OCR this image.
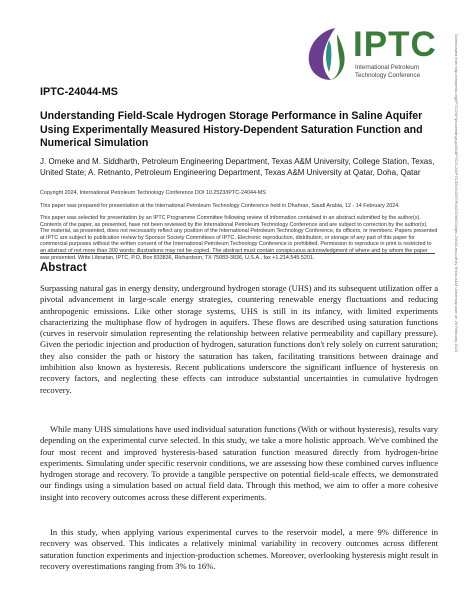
IPTC
International Petroleum Technology Conference
IPTC-24044-MS
Understanding Field-Scale Hydrogen Storage Performance in Saline Aquifer Using Experimentally Measured History-Dependent Saturation Function and Numerical Simulation
J. Omeke and M. Siddharth, Petroleum Engineering Department, Texas A&M University, College Station, Texas,
United State; A. Retnanto, Petroleum Engineering Department, Texas A&M University at Qatar, Doha, Qatar
Copyright 2024, International Petroleum Technology Conference DOI 10.2523/IPTC-24044-MS
This paper was prepared for presentation at the International Petroleum Technology Conference held in Dhahran, Saudi Arabia, 12 - 14 February 2024.
This paper was selected for presentation by an IPTC Programme Committee following review of information contained in an abstract submitted by the author(s). Contents of the paper, as presented, have not been reviewed by the International Petroleum Technology Conference and are subject to correction by the author(s). The material, as presented, does not necessarily reflect any position of the International Petroleum Technology Conference, its officers, or members. Papers presented at IPTC are subject to publication review by Sponsor Society Committees of IPTC. Electronic reproduction, distribution, or storage of any part of this paper for commercial purposes without the written consent of the International Petroleum Technology Conference is prohibited. Permission to reproduce in print is restricted to an abstract of not more than 300 words; illustrations may not be copied. The abstract must contain conspicuous acknowledgment of where and by whom the paper was presented. Write Librarian, IPTC, P.O. Box 833836, Richardson, TX 75083-3836, U.S.A., fax +1.214.545.5201.
Abstract

Surpassing natural gas in energy density, underground hydrogen storage (UHS) and its subsequent utilization offer a pivotal advancement in large-scale energy strategies, countering renewable energy fluctuations and reducing anthropogenic emissions. Like other storage systems, UHS is still in its infancy, with limited experiments characterizing the multiphase flow of hydrogen in aquifers. These flows are described using saturation functions (curves in reservoir simulation representing the relationship between relative permeability and capillary pressure). Given the periodic injection and production of hydrogen, saturation functions don't rely solely on current saturation; they also consider the path or history the saturation has taken, facilitating transitions between drainage and imbibition also known as hysteresis. Recent publications underscore the significant influence of hysteresis on recovery factors, and neglecting these effects can introduce substantial uncertainties in cumulative hydrogen recovery.

While many UHS simulations have used individual saturation functions (With or without hysteresis), results vary depending on the experimental curve selected. In this study, we take a more holistic approach. We've combined the four most recent and improved hysteresis-based saturation function measured directly from hydrogen-brine experiments. Simulating under specific reservoir conditions, we are assessing how these combined curves influence hydrogen storage and recovery. To provide a tangible perspective on potential field-scale effects, we demonstrated our findings using a simulation based on actual field data. Through this method, we aim to offer a more cohesive insight into recovery outcomes across these different experiments.

In this study, when applying various experimental curves to the reservoir model, a mere 9% difference in recovery was observed. This indicates a relatively minimal variability in recovery outcomes across different saturation function experiments and injection-production schemes. Moreover, overlooking hysteresis might result in recovery overestimations ranging from 3% to 16%.

Downloaded from http://onepetro.org/IPTCONF/proceedings-pdf/24IPTC/3-24IPTC/D031S097R002/3366234/iptc-24044-ms.pdf by Texas A&M University user on 26 February 2024
